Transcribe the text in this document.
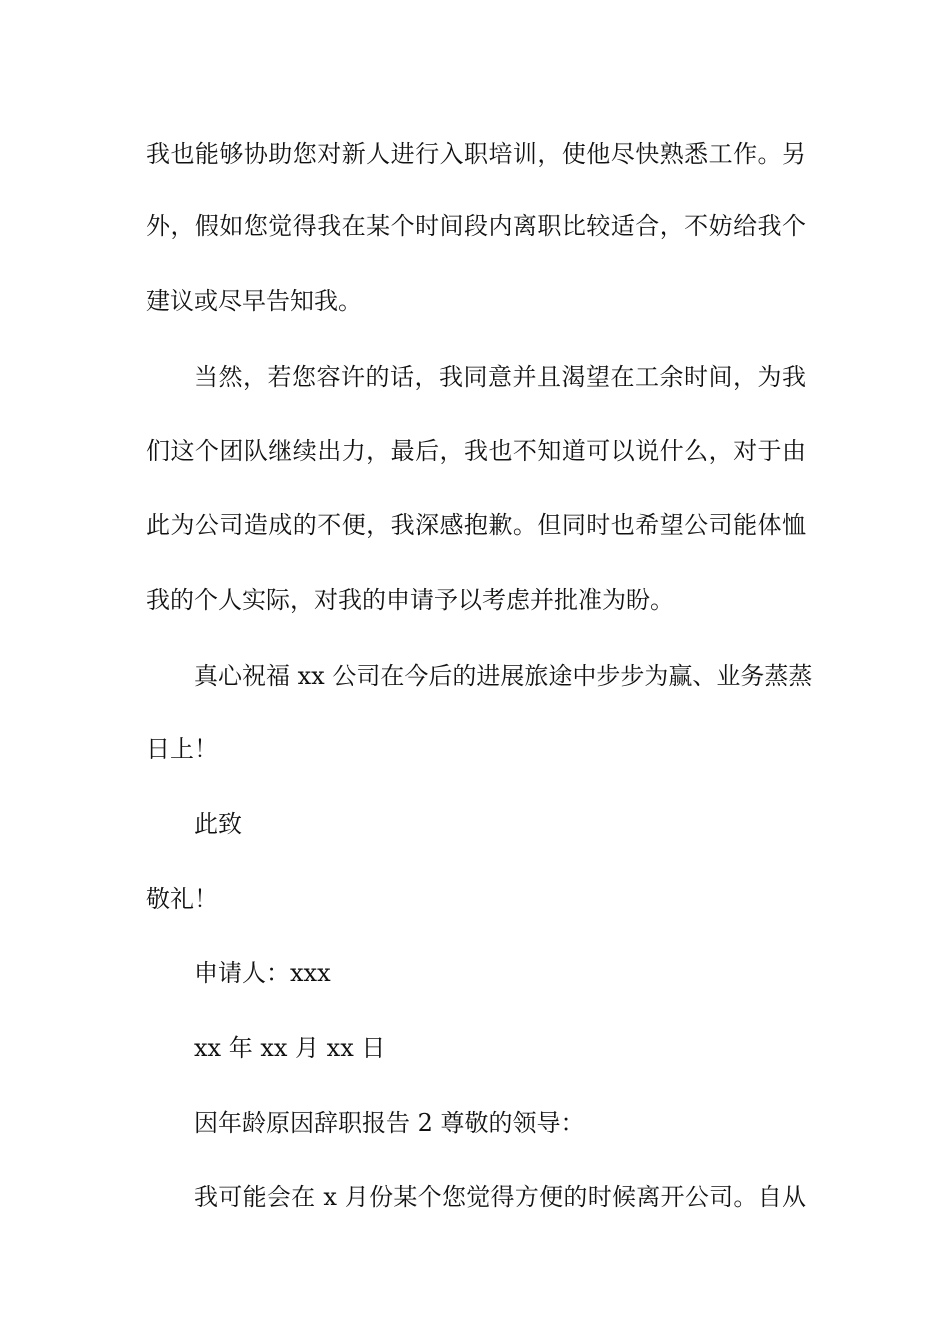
我也能够协助您对新人进行入职培训，使他尽快熟悉工作。另
外，假如您觉得我在某个时间段内离职比较适合，不妨给我个
建议或尽早告知我。
当然，若您容许的话，我同意并且渴望在工余时间，为我
们这个团队继续出力，最后，我也不知道可以说什么，对于由
此为公司造成的不便，我深感抱歉。但同时也希望公司能体恤
我的个人实际，对我的申请予以考虑并批准为盼。
真心祝福 xx 公司在今后的进展旅途中步步为赢、业务蒸蒸
日上！
此致
敬礼！
申请人：xxx
xx 年 xx 月 xx 日
因年龄原因辞职报告 2 尊敬的领导：
我可能会在 x 月份某个您觉得方便的时候离开公司。自从
